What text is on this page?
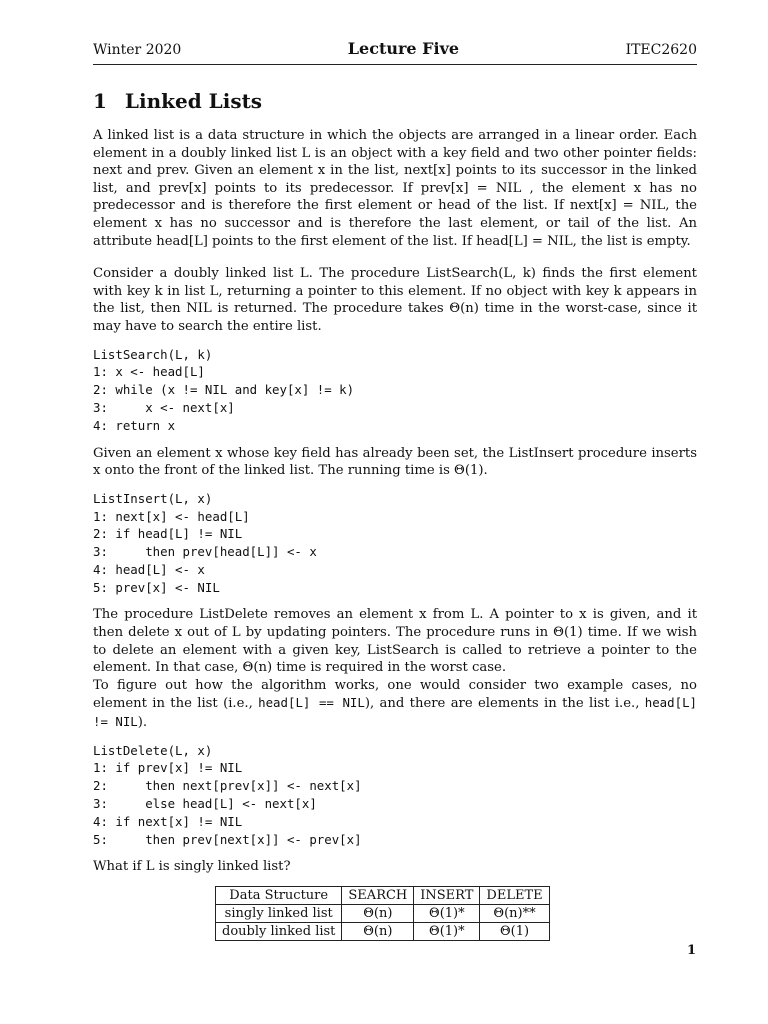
Winter 2020	Lecture Five	ITEC2620
1 Linked Lists

A linked list is a data structure in which the objects are arranged in a linear order. Each element in a doubly linked list L is an object with a key field and two other pointer fields: next and prev. Given an element x in the list, next[x] points to its successor in the linked list, and prev[x] points to its predecessor. If prev[x] = NIL , the element x has no predecessor and is therefore the first element or head of the list. If next[x] = NIL, the element x has no successor and is therefore the last element, or tail of the list. An attribute head[L] points to the first element of the list. If head[L] = NIL, the list is empty.

Consider a doubly linked list L. The procedure ListSearch(L, k) finds the first element with key k in list L, returning a pointer to this element. If no object with key k appears in the list, then NIL is returned. The procedure takes Θ(n) time in the worst-case, since it may have to search the entire list.

ListSearch(L, k)
1: x <- head[L]
2: while (x != NIL and key[x] != k)
3:     x <- next[x]
4: return x

Given an element x whose key field has already been set, the ListInsert procedure inserts x onto the front of the linked list. The running time is Θ(1).

ListInsert(L, x)
1: next[x] <- head[L]
2: if head[L] != NIL
3:     then prev[head[L]] <- x
4: head[L] <- x
5: prev[x] <- NIL

The procedure ListDelete removes an element x from L. A pointer to x is given, and it then delete x out of L by updating pointers. The procedure runs in Θ(1) time. If we wish to delete an element with a given key, ListSearch is called to retrieve a pointer to the element. In that case, Θ(n) time is required in the worst case.

To figure out how the algorithm works, one would consider two example cases, no element in the list (i.e., head[L] == NIL), and there are elements in the list i.e., head[L] != NIL).

ListDelete(L, x)
1: if prev[x] != NIL
2:     then next[prev[x]] <- next[x]
3:     else head[L] <- next[x]
4: if next[x] != NIL
5:     then prev[next[x]] <- prev[x]

What if L is singly linked list?

Data Structure	SEARCH	INSERT	DELETE
singly linked list	Θ(n)	Θ(1)*	Θ(n)**
doubly linked list	Θ(n)	Θ(1)*	Θ(1)
1
